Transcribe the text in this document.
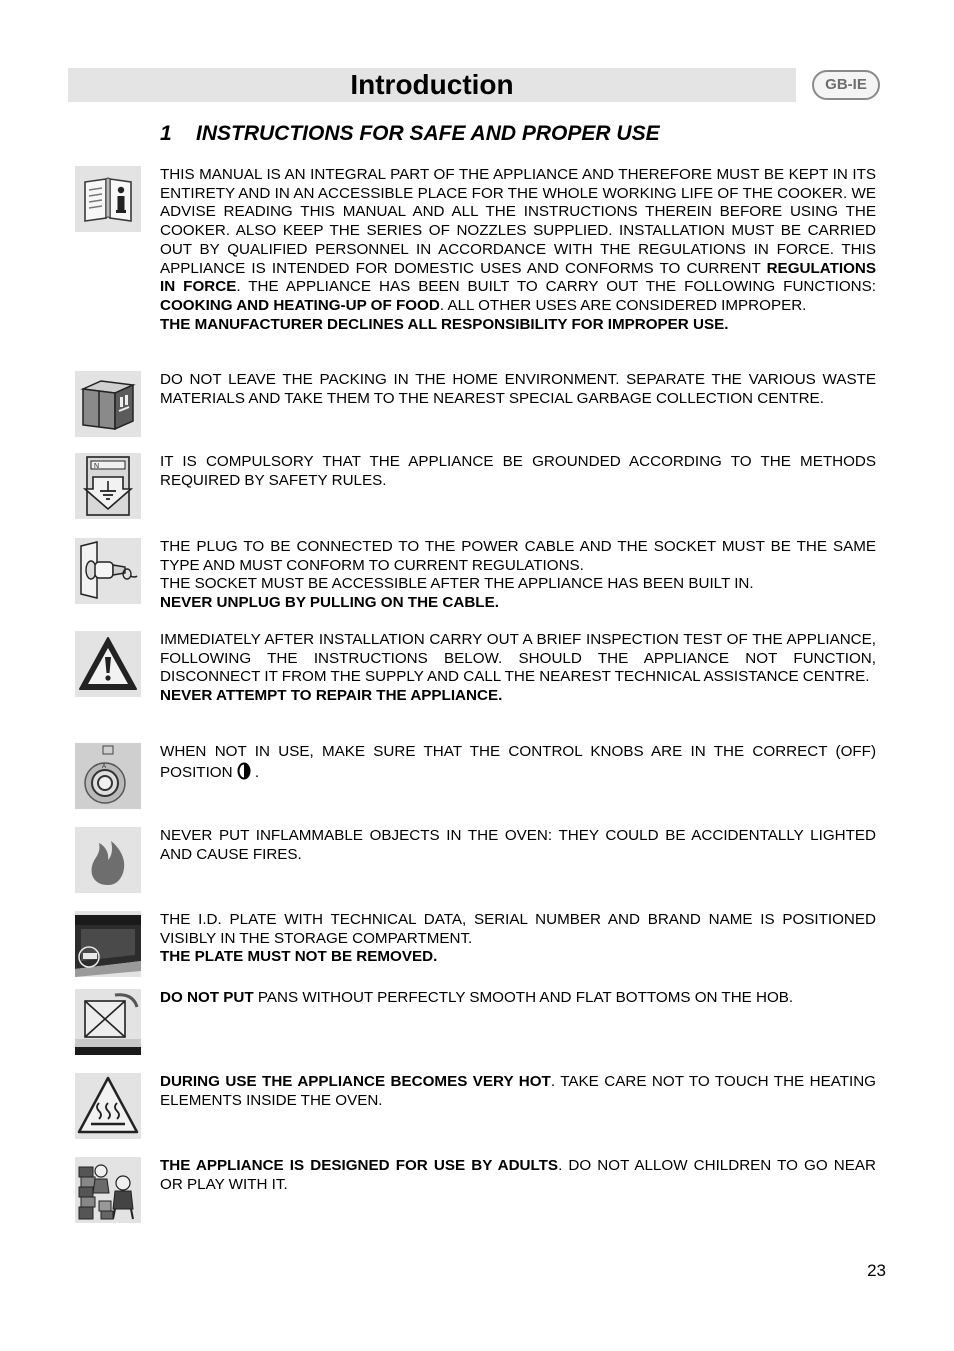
Introduction	GB-IE
1 INSTRUCTIONS FOR SAFE AND PROPER USE

THIS MANUAL IS AN INTEGRAL PART OF THE APPLIANCE AND THEREFORE MUST BE KEPT IN ITS ENTIRETY AND IN AN ACCESSIBLE PLACE FOR THE WHOLE WORKING LIFE OF THE COOKER. WE ADVISE READING THIS MANUAL AND ALL THE INSTRUCTIONS THEREIN BEFORE USING THE COOKER. ALSO KEEP THE SERIES OF NOZZLES SUPPLIED. INSTALLATION MUST BE CARRIED OUT BY QUALIFIED PERSONNEL IN ACCORDANCE WITH THE REGULATIONS IN FORCE. THIS APPLIANCE IS INTENDED FOR DOMESTIC USES AND CONFORMS TO CURRENT REGULATIONS IN FORCE. THE APPLIANCE HAS BEEN BUILT TO CARRY OUT THE FOLLOWING FUNCTIONS: COOKING AND HEATING-UP OF FOOD. ALL OTHER USES ARE CONSIDERED IMPROPER.

THE MANUFACTURER DECLINES ALL RESPONSIBILITY FOR IMPROPER USE.

DO NOT LEAVE THE PACKING IN THE HOME ENVIRONMENT. SEPARATE THE VARIOUS WASTE MATERIALS AND TAKE THEM TO THE NEAREST SPECIAL GARBAGE COLLECTION CENTRE.

N	IT IS COMPULSORY THAT THE APPLIANCE BE GROUNDED ACCORDING TO THE METHODS REQUIRED BY SAFETY RULES.

THE PLUG TO BE CONNECTED TO THE POWER CABLE AND THE SOCKET MUST BE THE SAME TYPE AND MUST CONFORM TO CURRENT REGULATIONS.

THE SOCKET MUST BE ACCESSIBLE AFTER THE APPLIANCE HAS BEEN BUILT IN.

NEVER UNPLUG BY PULLING ON THE CABLE.

IMMEDIATELY AFTER INSTALLATION CARRY OUT A BRIEF INSPECTION TEST OF THE APPLIANCE, FOLLOWING THE INSTRUCTIONS BELOW. SHOULD THE APPLIANCE NOT FUNCTION, DISCONNECT IT FROM THE SUPPLY AND CALL THE NEAREST TECHNICAL ASSISTANCE CENTRE.

NEVER ATTEMPT TO REPAIR THE APPLIANCE.

A

WHEN NOT IN USE, MAKE SURE THAT THE CONTROL KNOBS ARE IN THE CORRECT (OFF) POSITION .

NEVER PUT INFLAMMABLE OBJECTS IN THE OVEN: THEY COULD BE ACCIDENTALLY LIGHTED AND CAUSE FIRES.

THE I.D. PLATE WITH TECHNICAL DATA, SERIAL NUMBER AND BRAND NAME IS POSITIONED VISIBLY IN THE STORAGE COMPARTMENT.

THE PLATE MUST NOT BE REMOVED.

DO NOT PUT PANS WITHOUT PERFECTLY SMOOTH AND FLAT BOTTOMS ON THE HOB.

DURING USE THE APPLIANCE BECOMES VERY HOT. TAKE CARE NOT TO TOUCH THE HEATING ELEMENTS INSIDE THE OVEN.

THE APPLIANCE IS DESIGNED FOR USE BY ADULTS. DO NOT ALLOW CHILDREN TO GO NEAR OR PLAY WITH IT.

23
